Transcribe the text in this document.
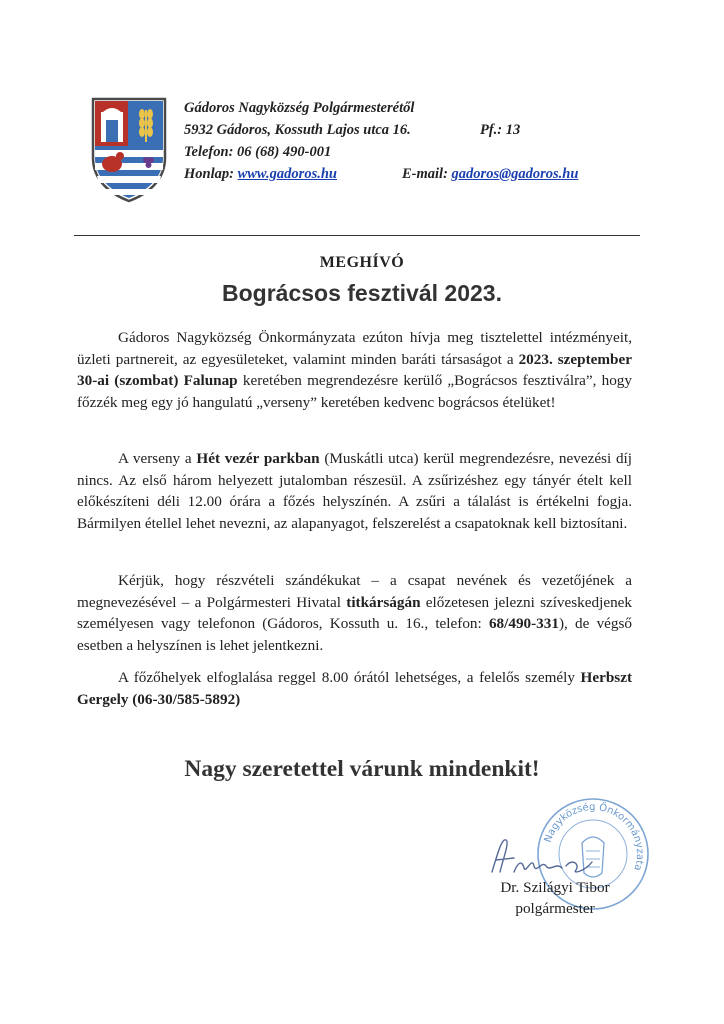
Gádoros Nagyközség Polgármesterétől
5932 Gádoros, Kossuth Lajos utca 16.	Pf.: 13
Telefon: 06 (68) 490-001
Honlap: www.gadoros.hu	E-mail: gadoros@gadoros.hu
MEGHÍVÓ
Bográcsos fesztivál 2023.
Gádoros Nagyközség Önkormányzata ezúton hívja meg tisztelettel intézményeit, üzleti partnereit, az egyesületeket, valamint minden baráti társaságot a 2023. szeptember 30-ai (szombat) Falunap keretében megrendezésre kerülő „Bográcsos fesztiválra”, hogy főzzék meg egy jó hangulatú „verseny” keretében kedvenc bográcsos ételüket!
A verseny a Hét vezér parkban (Muskátli utca) kerül megrendezésre, nevezési díj nincs. Az első három helyezett jutalomban részesül. A zsűrizéshez egy tányér ételt kell előkészíteni déli 12.00 órára a főzés helyszínén. A zsűri a tálalást is értékelni fogja. Bármilyen étellel lehet nevezni, az alapanyagot, felszerelést a csapatoknak kell biztosítani.
Kérjük, hogy részvételi szándékukat – a csapat nevének és vezetőjének a megnevezésével – a Polgármesteri Hivatal titkárságán előzetesen jelezni szíveskedjenek személyesen vagy telefonon (Gádoros, Kossuth u. 16., telefon: 68/490-331), de végső esetben a helyszínen is lehet jelentkezni.
A főzőhelyek elfoglalása reggel 8.00 órától lehetséges, a felelős személy Herbszt Gergely (06-30/585-5892)
Nagy szeretettel várunk mindenkit!
Nagyközség Önkormányzata
Dr. Szilágyi Tibor
polgármester
